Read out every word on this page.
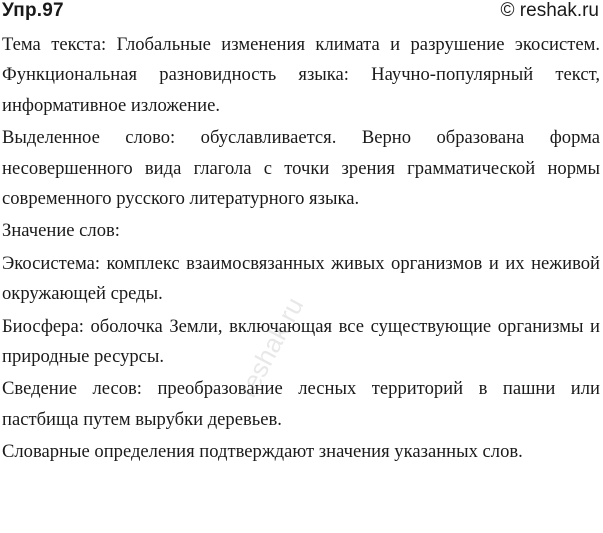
Упр.97	© reshak.ru

Тема текста: Глобальные изменения климата и разрушение экосистем. Функциональная разновидность языка: Научно-популярный текст, информативное изложение.

Выделенное слово: обуславливается. Верно образована форма несовершенного вида глагола с точки зрения грамматической нормы современного русского литературного языка.

Значение слов:

Экосистема: комплекс взаимосвязанных живых организмов и их неживой окружающей среды.

Биосфера: оболочка Земли, включающая все существующие организмы и природные ресурсы.

Сведение лесов: преобразование лесных территорий в пашни или пастбища путем вырубки деревьев.

Словарные определения подтверждают значения указанных слов.

reshak.ru
